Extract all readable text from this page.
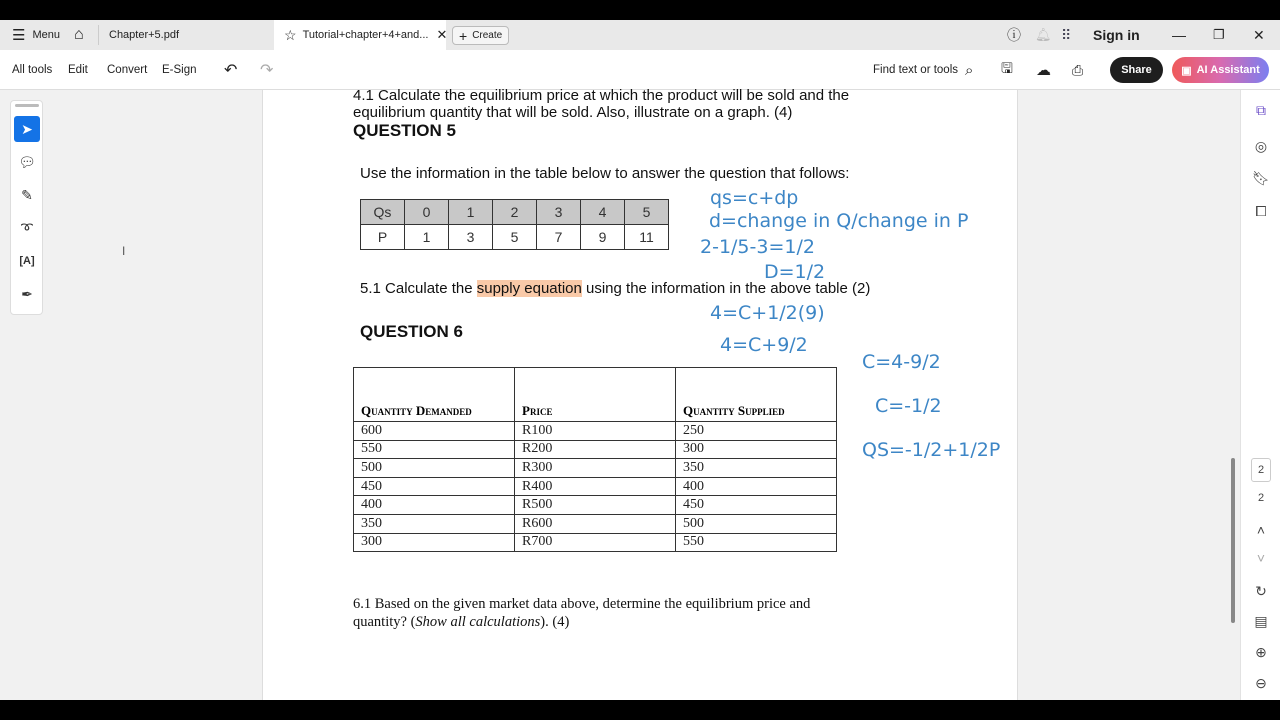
☰ Menu ⌂ Chapter+5.pdf	☆ Tutorial+chapter+4+and... ✕ + Create	ⓘ 🔔︎ ⠿ Sign in — ❐ ✕
All tools Edit Convert E-Sign ↶ ↷	Find text or tools ⌕ 🖫 ☁ ⎙	Share	▣ AI Assistant
➤
💬︎
✎
➰︎
[A]
✒
I
4.1 Calculate the equilibrium price at which the product will be sold and the
equilibrium quantity that will be sold. Also, illustrate on a graph. (4)
QUESTION 5
Use the information in the table below to answer the question that follows:
Qs	0	1	2	3	4	5
P	1	3	5	7	9	11
5.1 Calculate the supply equation using the information in the above table (2)
QUESTION 6
Quantity Demanded	Price	Quantity Supplied
600	R100	250
550	R200	300
500	R300	350
450	R400	400
400	R500	450
350	R600	500
300	R700	550
6.1 Based on the given market data above, determine the equilibrium price and
quantity? (Show all calculations). (4)
qs=c+dp
d=change in Q/change in P
2-1/5-3=1/2
D=1/2
4=C+1/2(9)
4=C+9/2
C=4-9/2
C=-1/2
QS=-1/2+1/2P
⧉
◎
🔖︎
⧠
2
2
˄
˅
↻
▤
⊕
⊖
